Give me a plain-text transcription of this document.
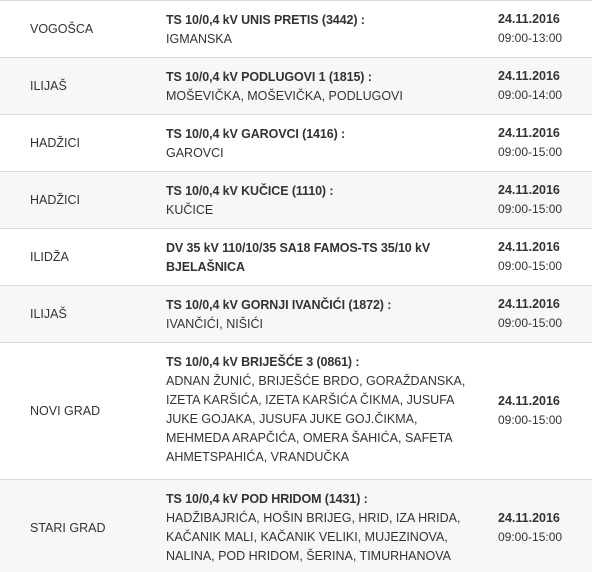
VOGOŠCA
TS 10/0,4 kV UNIS PRETIS (3442) :
IGMANSKA
24.11.2016
09:00-13:00
ILIJAŠ
TS 10/0,4 kV PODLUGOVI 1 (1815) :
MOŠEVIČKA, MOŠEVIČKA, PODLUGOVI
24.11.2016
09:00-14:00
HADŽICI
TS 10/0,4 kV GAROVCI (1416) :
GAROVCI
24.11.2016
09:00-15:00
HADŽICI
TS 10/0,4 kV KUČICE (1110) :
KUČICE
24.11.2016
09:00-15:00
ILIDŽA
DV 35 kV 110/10/35 SA18 FAMOS-TS 35/10 kV BJELAŠNICA
24.11.2016
09:00-15:00
ILIJAŠ
TS 10/0,4 kV GORNJI IVANČIĆI (1872) :
IVANČIĆI, NIŠIĆI
24.11.2016
09:00-15:00
NOVI GRAD
TS 10/0,4 kV BRIJEŠĆE 3 (0861) :
ADNAN ŽUNIĆ, BRIJEŠĆE BRDO, GORAŽDANSKA, IZETA KARŠIĆA, IZETA KARŠIĆA ČIKMA, JUSUFA JUKE GOJAKA, JUSUFA JUKE GOJ.ČIKMA, MEHMEDA ARAPČIĆA, OMERA ŠAHIĆA, SAFETA AHMETSPAHIĆA, VRANDUČKA
24.11.2016
09:00-15:00
STARI GRAD
TS 10/0,4 kV POD HRIDOM (1431) :
HADŽIBAJRIĆA, HOŠIN BRIJEG, HRID, IZA HRIDA, KAČANIK MALI, KAČANIK VELIKI, MUJEZINOVA, NALINA, POD HRIDOM, ŠERINA, TIMURHANOVA
24.11.2016
09:00-15:00
